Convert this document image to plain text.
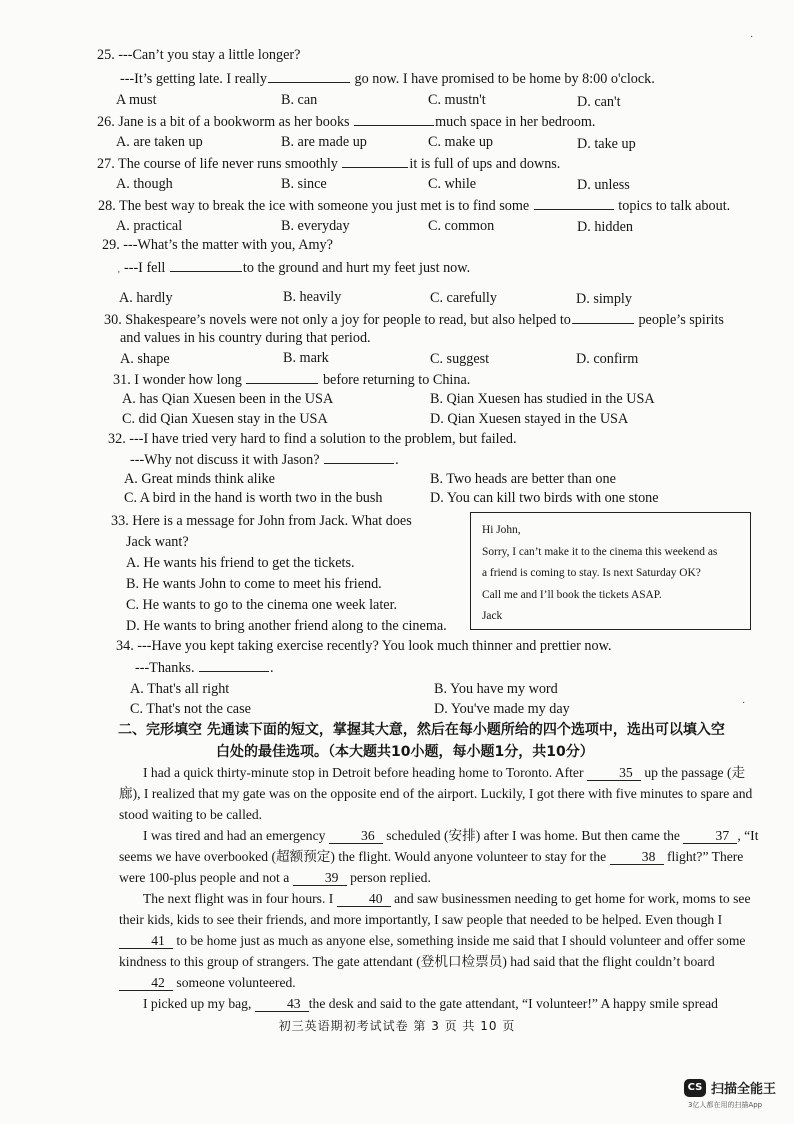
25. ---Can’t you stay a little longer?
---It’s getting late. I really	go now. I have promised to be home by 8:00 o'clock.
A must	B. can	C. mustn't	D. can't
26. Jane is a bit of a bookworm as her books	much space in her bedroom.
A. are taken up	B. are made up	C. make up	D. take up
27. The course of life never runs smoothly	it is full of ups and downs.
A. though	B. since	C. while	D. unless
28. The best way to break the ice with someone you just met is to find some	topics to talk about.
A. practical	B. everyday	C. common	D. hidden
29. ---What’s the matter with you, Amy?
---I fell	to the ground and hurt my feet just now.
'
A. hardly	B. heavily	C. carefully	D. simply
30. Shakespeare’s novels were not only a joy for people to read, but also helped to	people’s spirits
and values in his country during that period.
A. shape	B. mark	C. suggest	D. confirm
31. I wonder how long	before returning to China.
A. has Qian Xuesen been in the USA	B. Qian Xuesen has studied in the USA
C. did Qian Xuesen stay in the USA	D. Qian Xuesen stayed in the USA
32. ---I have tried very hard to find a solution to the problem, but failed.
---Why not discuss it with Jason?	.
A. Great minds think alike	B. Two heads are better than one
C. A bird in the hand is worth two in the bush	D. You can kill two birds with one stone
33. Here is a message for John from Jack. What does
Jack want?
A. He wants his friend to get the tickets.
B. He wants John to come to meet his friend.
C. He wants to go to the cinema one week later.
D. He wants to bring another friend along to the cinema.
Hi John,
Sorry, I can’t make it to the cinema this weekend as
a friend is coming to stay. Is next Saturday OK?
Call me and I’ll book the tickets ASAP.
Jack
34. ---Have you kept taking exercise recently? You look much thinner and prettier now.
---Thanks.	.
A. That's all right	B. You have my word
C. That's not the case	D. You've made my day
二、完形填空 先通读下面的短文，掌握其大意，然后在每小题所给的四个选项中，选出可以填入空
白处的最佳选项。（本大题共10小题，每小题1分，共10分）

I had a quick thirty-minute stop in Detroit before heading home to Toronto. After	35 up the passage (走廊), I realized that my gate was on the opposite end of the airport. Luckily, I got there with five minutes to spare and stood waiting to be called.

I was tired and had an emergency	36 scheduled (安排) after I was home. But then came the	37 , “It seems we have overbooked (超额预定) the flight. Would anyone volunteer to stay for the	38 flight?” There were 100-plus people and not a	39 person replied.

The next flight was in four hours. I	40 and saw businessmen needing to get home for work, moms to see their kids, kids to see their friends, and more importantly, I saw people that needed to be helped. Even though I 41 to be home just as much as anyone else, something inside me said that I should volunteer and offer some kindness to this group of strangers. The gate attendant (登机口检票员) had said that the flight couldn’t board 42 someone volunteered.

I picked up my bag,	43 the desk and said to the gate attendant, “I volunteer!” A happy smile spread

初三英语期初考试试卷 第 3 页 共 10 页
CS 扫描全能王
3亿人都在用的扫描App
·
·
